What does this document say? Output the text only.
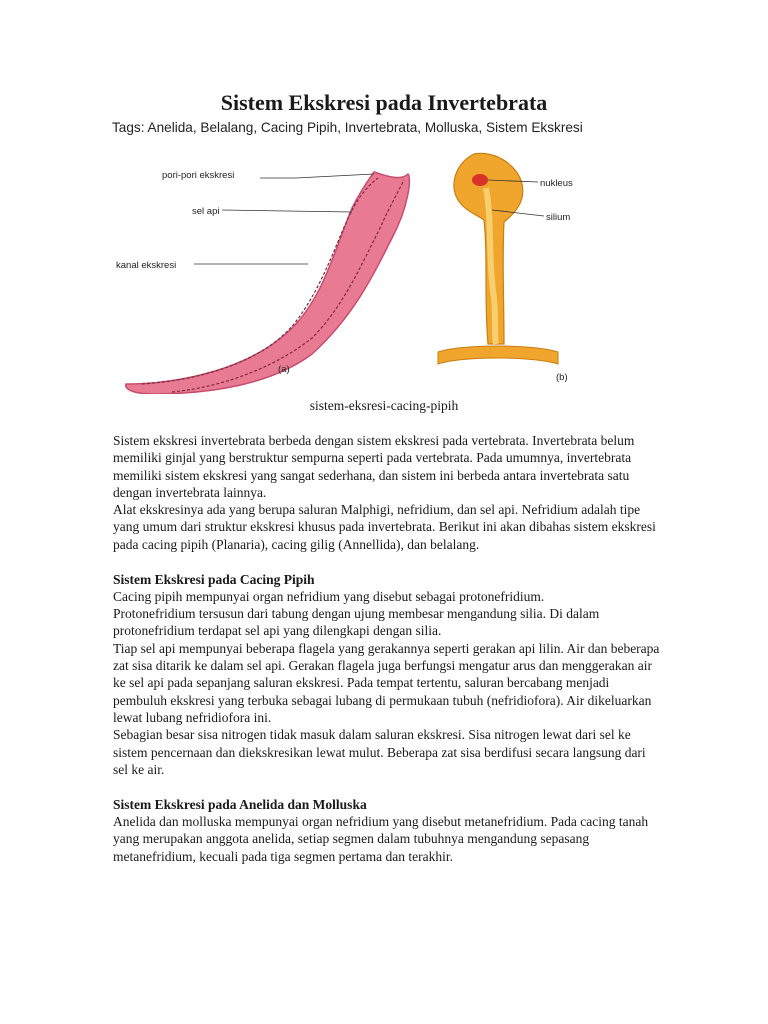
Sistem Ekskresi pada Invertebrata
Tags: Anelida, Belalang, Cacing Pipih, Invertebrata, Molluska, Sistem Ekskresi
pori-pori ekskresi
sel api
kanal ekskresi
(a)
nukleus
silium
(b)
sistem-eksresi-cacing-pipih

Sistem ekskresi invertebrata berbeda dengan sistem ekskresi pada vertebrata. Invertebrata belum memiliki ginjal yang berstruktur sempurna seperti pada vertebrata. Pada umumnya, invertebrata memiliki sistem ekskresi yang sangat sederhana, dan sistem ini berbeda antara invertebrata satu dengan invertebrata lainnya.

Alat ekskresinya ada yang berupa saluran Malphigi, nefridium, dan sel api. Nefridium adalah tipe yang umum dari struktur ekskresi khusus pada invertebrata. Berikut ini akan dibahas sistem ekskresi pada cacing pipih (Planaria), cacing gilig (Annellida), dan belalang.

Sistem Ekskresi pada Cacing Pipih

Cacing pipih mempunyai organ nefridium yang disebut sebagai protonefridium.

Protonefridium tersusun dari tabung dengan ujung membesar mengandung silia. Di dalam protonefridium terdapat sel api yang dilengkapi dengan silia.

Tiap sel api mempunyai beberapa flagela yang gerakannya seperti gerakan api lilin. Air dan beberapa zat sisa ditarik ke dalam sel api. Gerakan flagela juga berfungsi mengatur arus dan menggerakan air ke sel api pada sepanjang saluran ekskresi. Pada tempat tertentu, saluran bercabang menjadi pembuluh ekskresi yang terbuka sebagai lubang di permukaan tubuh (nefridiofora). Air dikeluarkan lewat lubang nefridiofora ini.

Sebagian besar sisa nitrogen tidak masuk dalam saluran ekskresi. Sisa nitrogen lewat dari sel ke sistem pencernaan dan diekskresikan lewat mulut. Beberapa zat sisa berdifusi secara langsung dari sel ke air.

Sistem Ekskresi pada Anelida dan Molluska

Anelida dan molluska mempunyai organ nefridium yang disebut metanefridium. Pada cacing tanah yang merupakan anggota anelida, setiap segmen dalam tubuhnya mengandung sepasang metanefridium, kecuali pada tiga segmen pertama dan terakhir.
